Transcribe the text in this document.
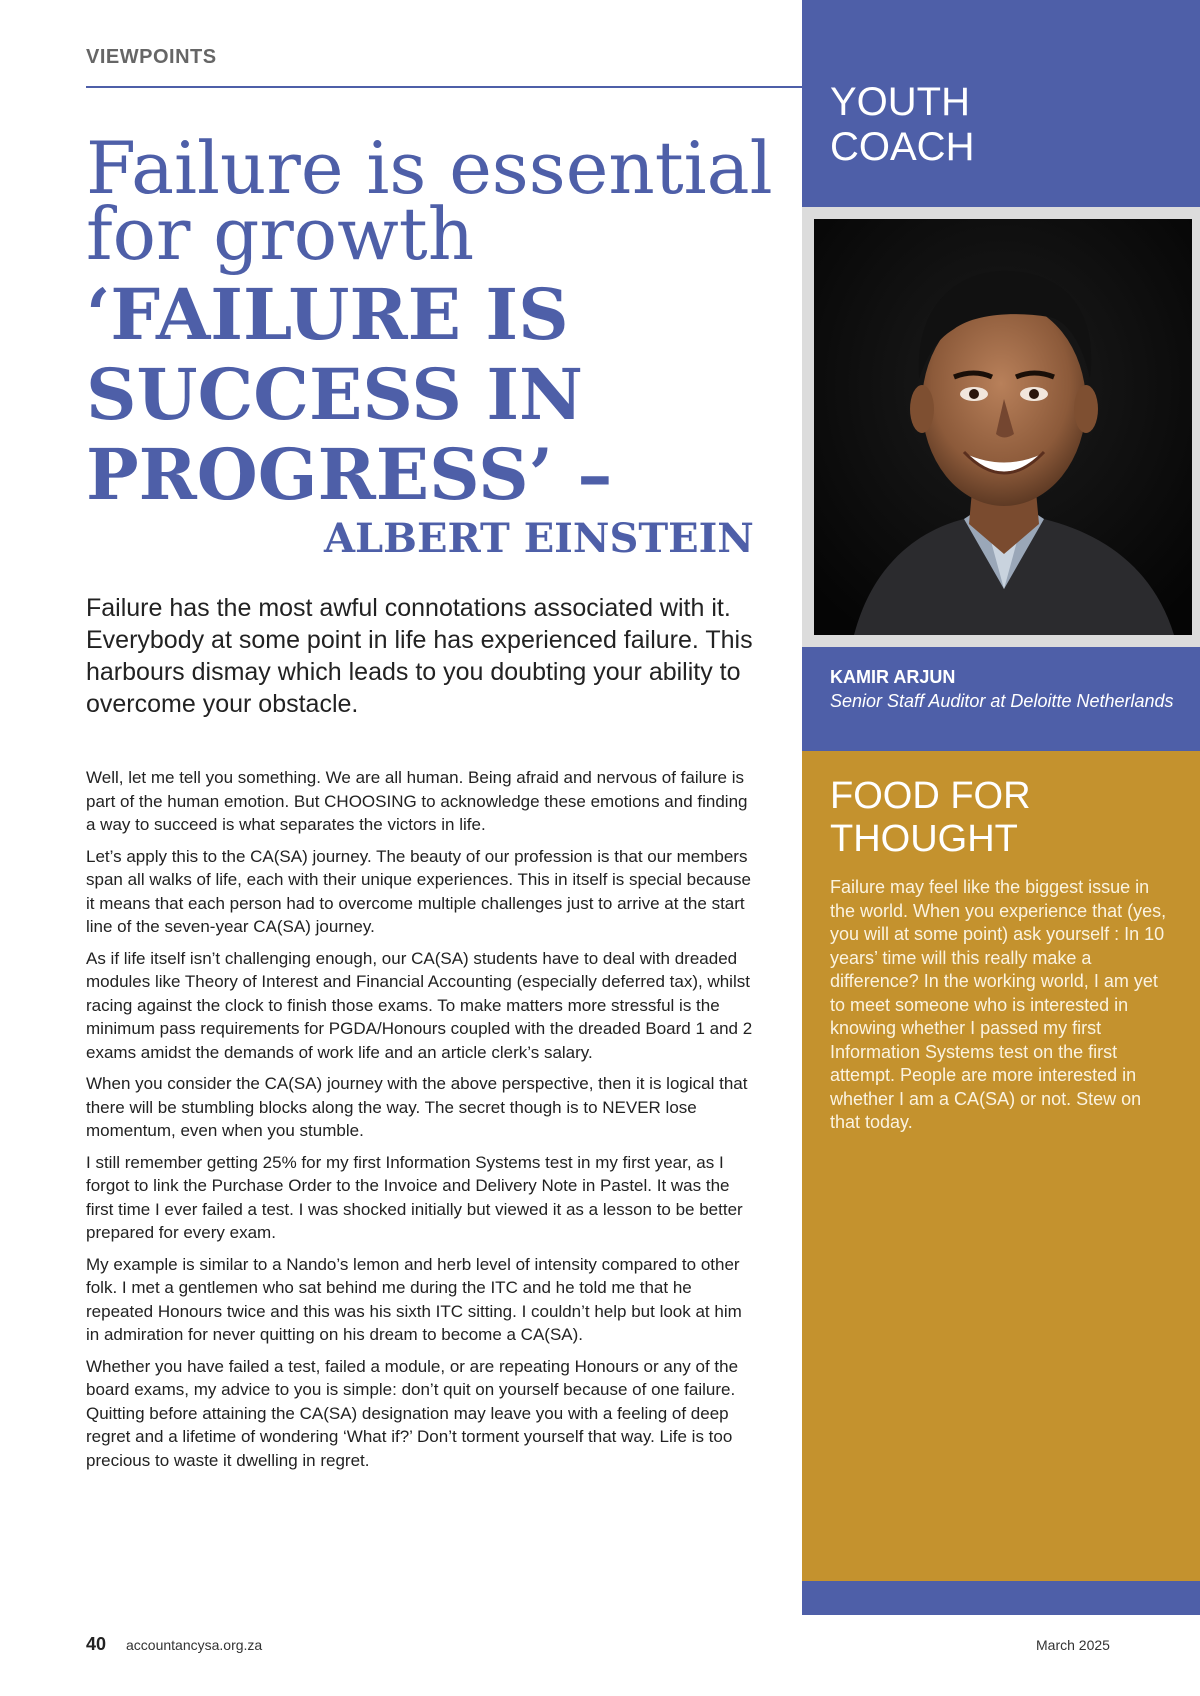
VIEWPOINTS
Failure is essential
for growth
‘FAILURE IS
SUCCESS IN
PROGRESS’ –
ALBERT EINSTEIN
Failure has the most awful connotations associated with it. Everybody at some point in life has experienced failure. This harbours dismay which leads to you doubting your ability to overcome your obstacle.

Well, let me tell you something. We are all human. Being afraid and nervous of failure is part of the human emotion. But CHOOSING to acknowledge these emotions and finding a way to succeed is what separates the victors in life.

Let’s apply this to the CA(SA) journey. The beauty of our profession is that our members span all walks of life, each with their unique experiences. This in itself is special because it means that each person had to overcome multiple challenges just to arrive at the start line of the seven-year CA(SA) journey.

As if life itself isn’t challenging enough, our CA(SA) students have to deal with dreaded modules like Theory of Interest and Financial Accounting (especially deferred tax), whilst racing against the clock to finish those exams. To make matters more stressful is the minimum pass requirements for PGDA/Honours coupled with the dreaded Board 1 and 2 exams amidst the demands of work life and an article clerk’s salary.

When you consider the CA(SA) journey with the above perspective, then it is logical that there will be stumbling blocks along the way. The secret though is to NEVER lose momentum, even when you stumble.

I still remember getting 25% for my first Information Systems test in my first year, as I forgot to link the Purchase Order to the Invoice and Delivery Note in Pastel. It was the first time I ever failed a test. I was shocked initially but viewed it as a lesson to be better prepared for every exam.

My example is similar to a Nando’s lemon and herb level of intensity compared to other folk. I met a gentlemen who sat behind me during the ITC and he told me that he repeated Honours twice and this was his sixth ITC sitting. I couldn’t help but look at him in admiration for never quitting on his dream to become a CA(SA).

Whether you have failed a test, failed a module, or are repeating Honours or any of the board exams, my advice to you is simple: don’t quit on yourself because of one failure. Quitting before attaining the CA(SA) designation may leave you with a feeling of deep regret and a lifetime of wondering ‘What if?’ Don’t torment yourself that way. Life is too precious to waste it dwelling in regret.

40 accountancysa.org.za	March 2025
YOUTH
COACH
KAMIR ARJUN
Senior Staff Auditor at Deloitte Netherlands
FOOD FOR
THOUGHT
Failure may feel like the biggest issue in the world. When you experience that (yes, you will at some point) ask yourself : In 10 years’ time will this really make a difference? In the working world, I am yet to meet someone who is interested in knowing whether I passed my first Information Systems test on the first attempt. People are more interested in whether I am a CA(SA) or not. Stew on that today.
